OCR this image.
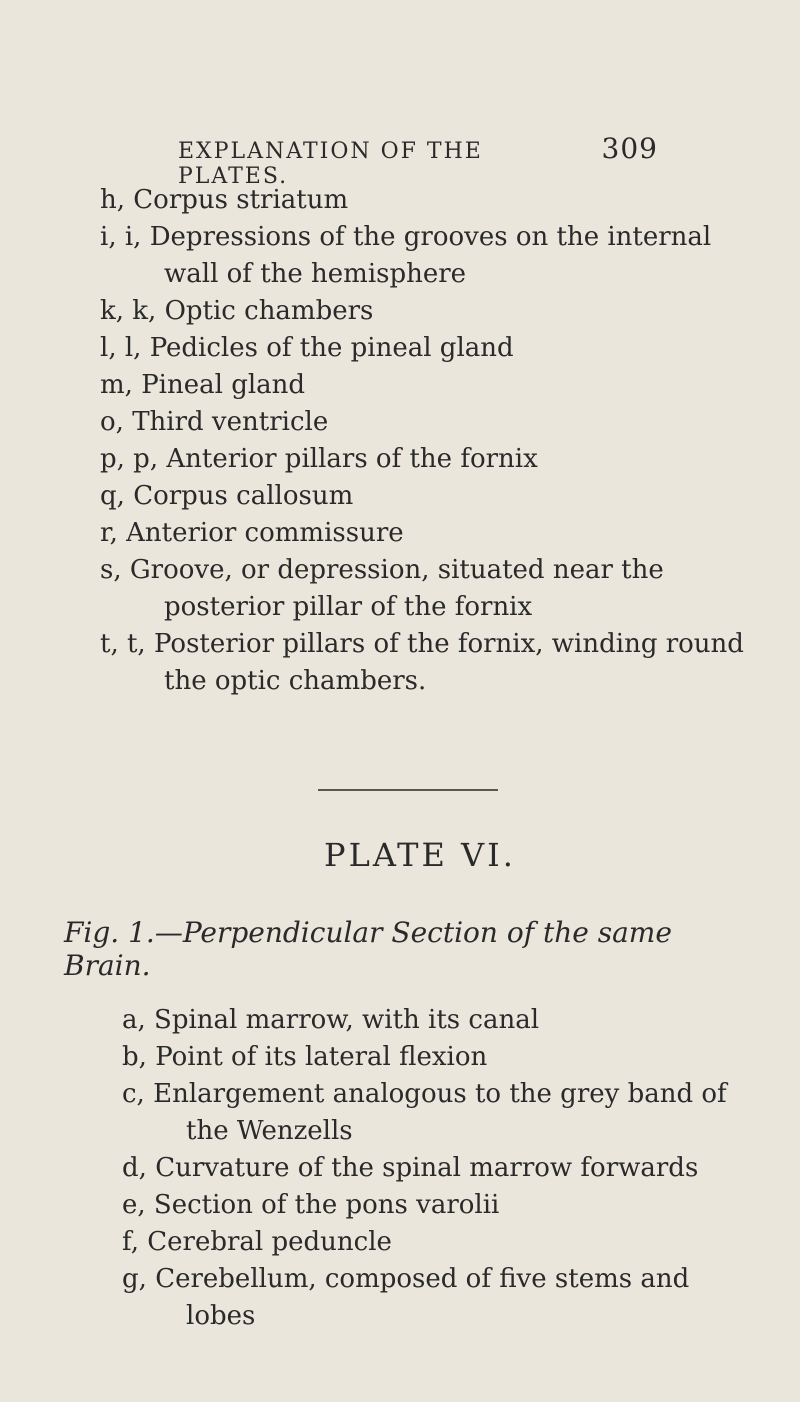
EXPLANATION OF THE PLATES.
309
h, Corpus striatum
i, i, Depressions of the grooves on the internal wall of the hemisphere
k, k, Optic chambers
l, l, Pedicles of the pineal gland
m, Pineal gland
o, Third ventricle
p, p, Anterior pillars of the fornix
q, Corpus callosum
r, Anterior commissure
s, Groove, or depression, situated near the posterior pillar of the fornix
t, t, Posterior pillars of the fornix, winding round the optic chambers.
PLATE VI.
Fig. 1.—Perpendicular Section of the same Brain.
a, Spinal marrow, with its canal
b, Point of its lateral flexion
c, Enlargement analogous to the grey band of the Wenzells
d, Curvature of the spinal marrow forwards
e, Section of the pons varolii
f, Cerebral peduncle
g, Cerebellum, composed of five stems and lobes
